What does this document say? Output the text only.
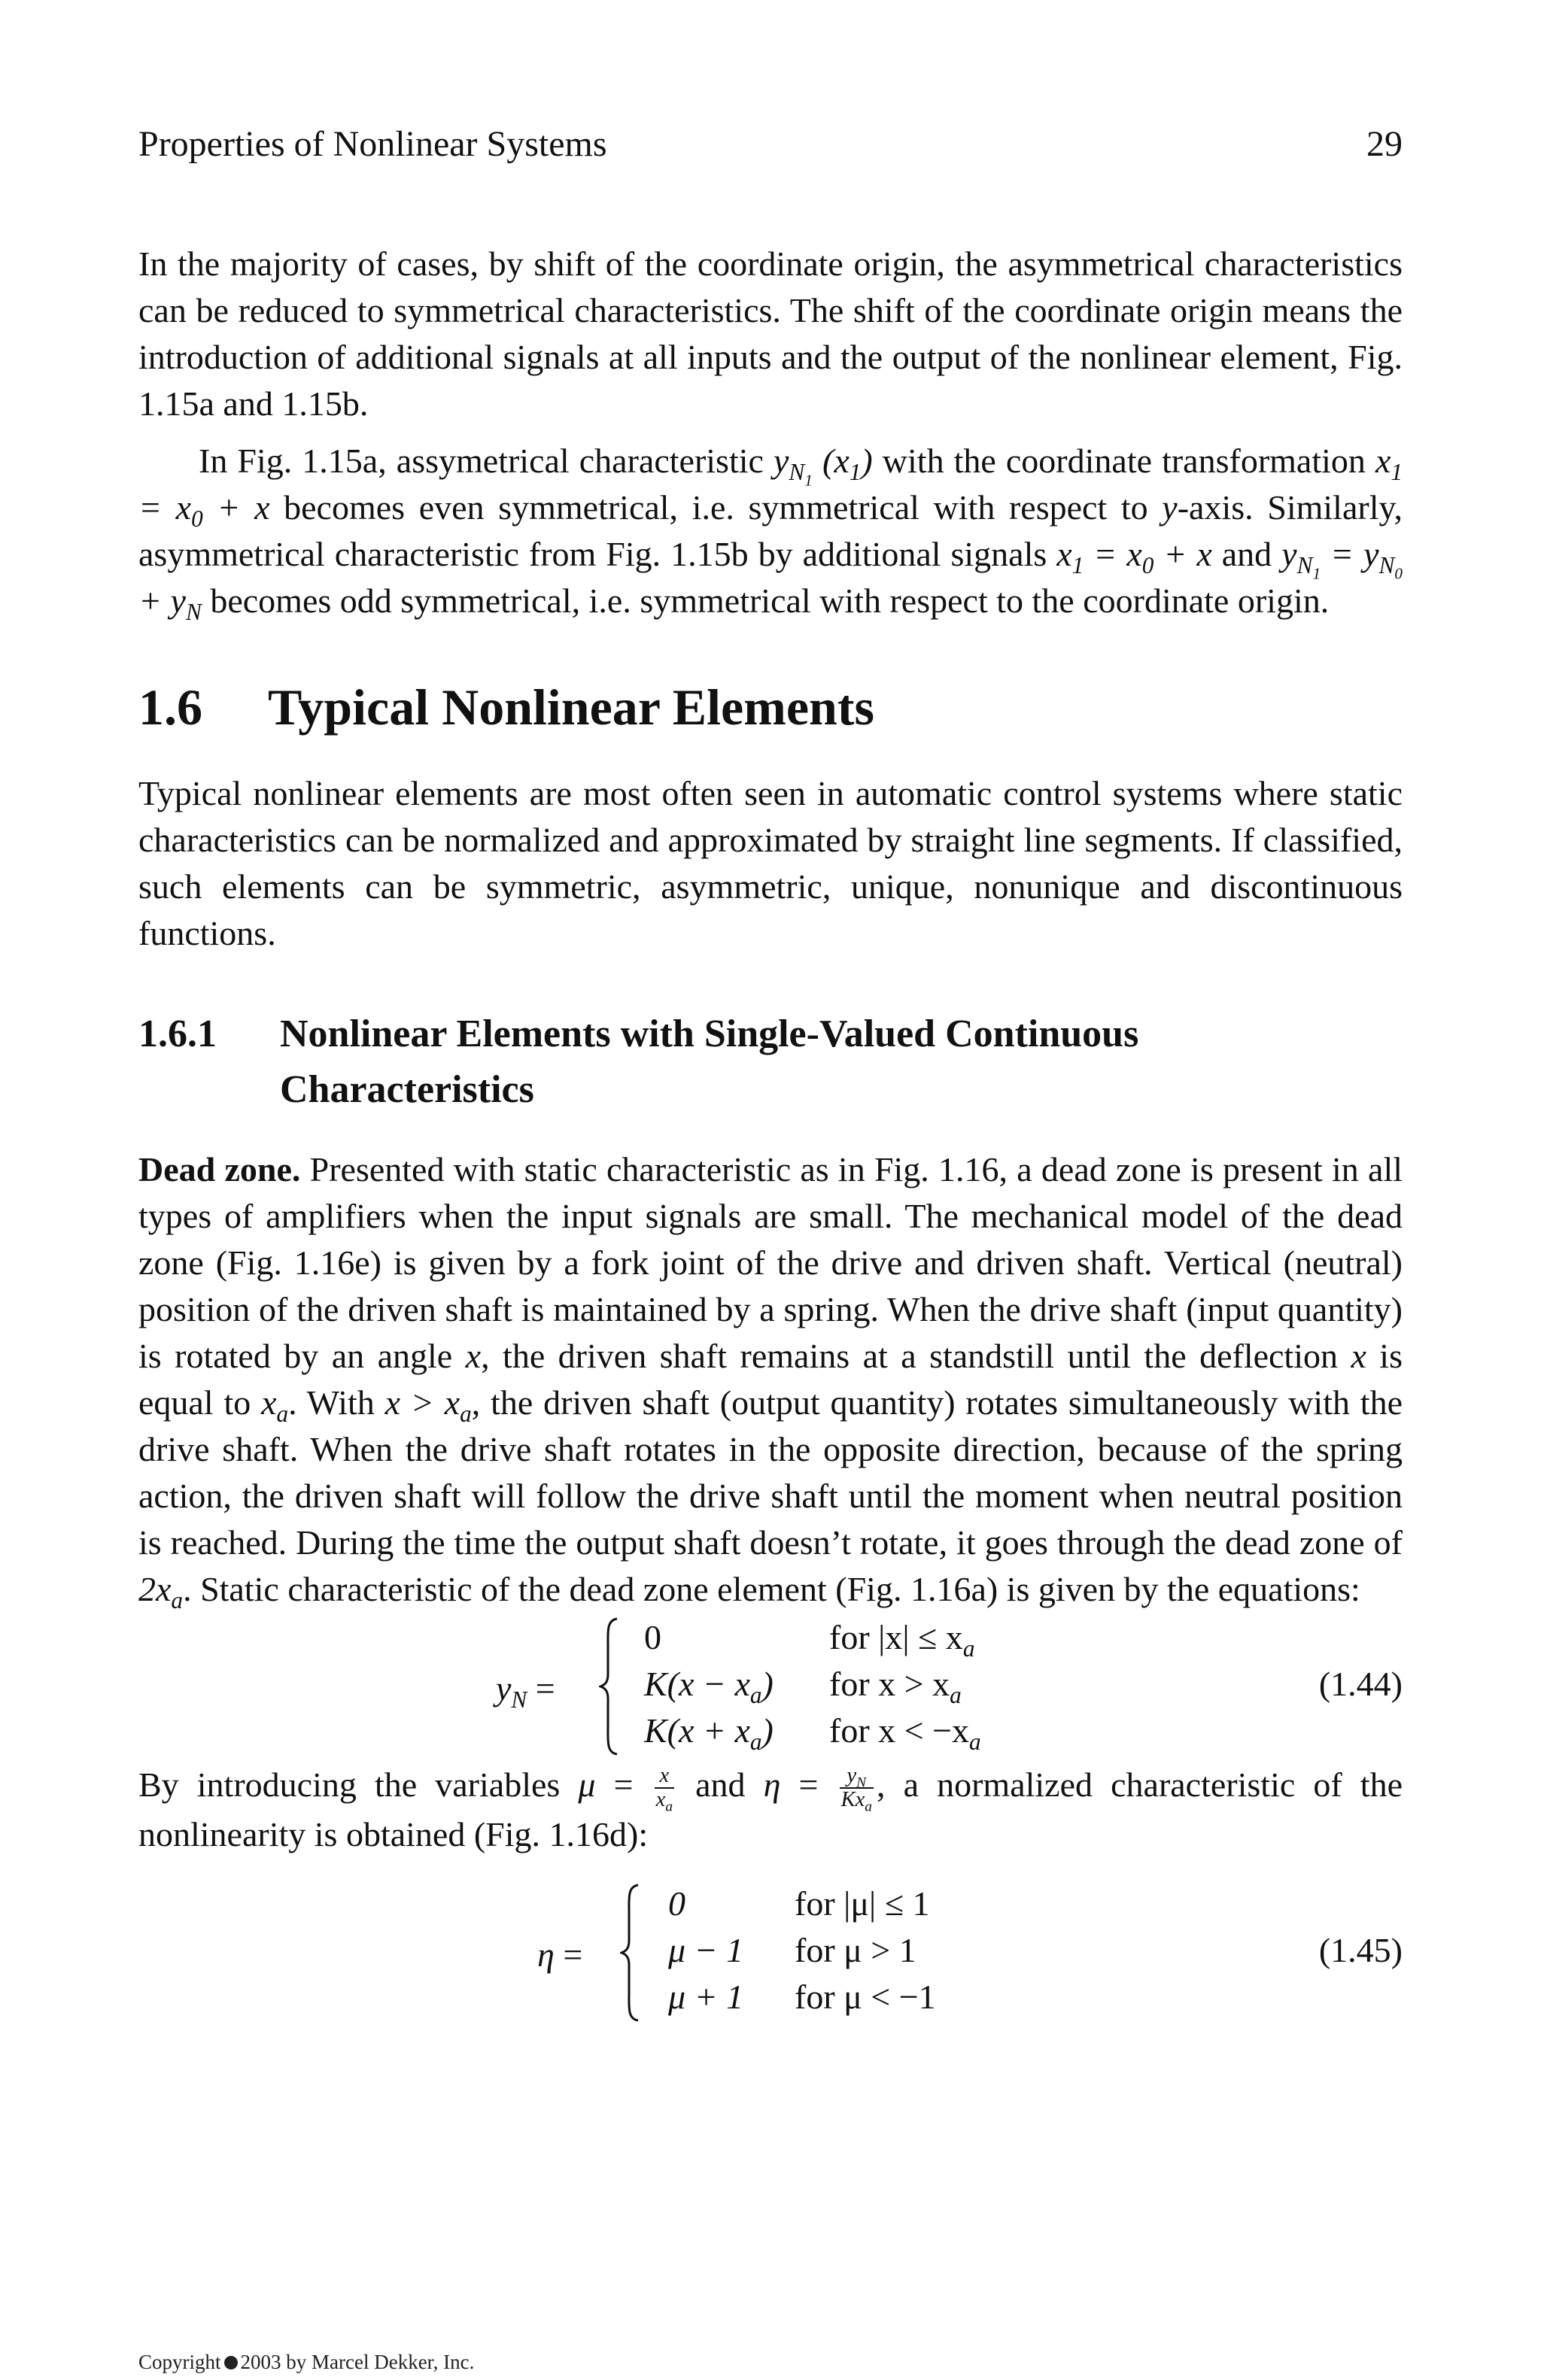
Properties of Nonlinear Systems	29

In the majority of cases, by shift of the coordinate origin, the asymmetrical characteristics can be reduced to symmetrical characteristics. The shift of the coordinate origin means the introduction of additional signals at all inputs and the output of the nonlinear element, Fig. 1.15a and 1.15b.

In Fig. 1.15a, assymetrical characteristic $y_{N_1}$ $(x_1)$ with the coordinate transformation $x_1 = x_0 + x$ becomes even symmetrical, i.e. symmetrical with respect to y-axis. Similarly, asymmetrical characteristic from Fig. 1.15b by additional signals $x_1 = x_0 + x$ and $y_{N_1} = y_{N_0} + y_N$ becomes odd symmetrical, i.e. symmetrical with respect to the coordinate origin.

1.6	Typical Nonlinear Elements

Typical nonlinear elements are most often seen in automatic control systems where static characteristics can be normalized and approximated by straight line segments. If classified, such elements can be symmetric, asymmetric, unique, nonunique and discontinuous functions.

1.6.1	Nonlinear Elements with Single-Valued Continuous Characteristics

Dead zone. Presented with static characteristic as in Fig. 1.16, a dead zone is present in all types of amplifiers when the input signals are small. The mechanical model of the dead zone (Fig. 1.16e) is given by a fork joint of the drive and driven shaft. Vertical (neutral) position of the driven shaft is maintained by a spring. When the drive shaft (input quantity) is rotated by an angle x, the driven shaft remains at a standstill until the deflection x is equal to $x_a$. With $x > x_a$, the driven shaft (output quantity) rotates simultaneously with the drive shaft. When the drive shaft rotates in the opposite direction, because of the spring action, the driven shaft will follow the drive shaft until the moment when neutral position is reached. During the time the output shaft doesn’t rotate, it goes through the dead zone of $2x_a$. Static characteristic of the dead zone element (Fig. 1.16a) is given by the equations:

$y_N$ =
0	for $|x| \le x_a$
$K(x - x_a)$ for $x > x_a$
$K(x + x_a)$ for $x < -x_a$
(1.44)

By introducing the variables $\mu = \frac{x}{x_a}$ and $\eta = \frac{y_N}{Kx_a}$ , a normalized characteristic of the nonlinearity is obtained (Fig. 1.16d):

η =
0	for |μ| ≤ 1
μ − 1 for μ > 1
μ + 1 for μ < −1
(1.45)
Copyright 2003 by Marcel Dekker, Inc.
